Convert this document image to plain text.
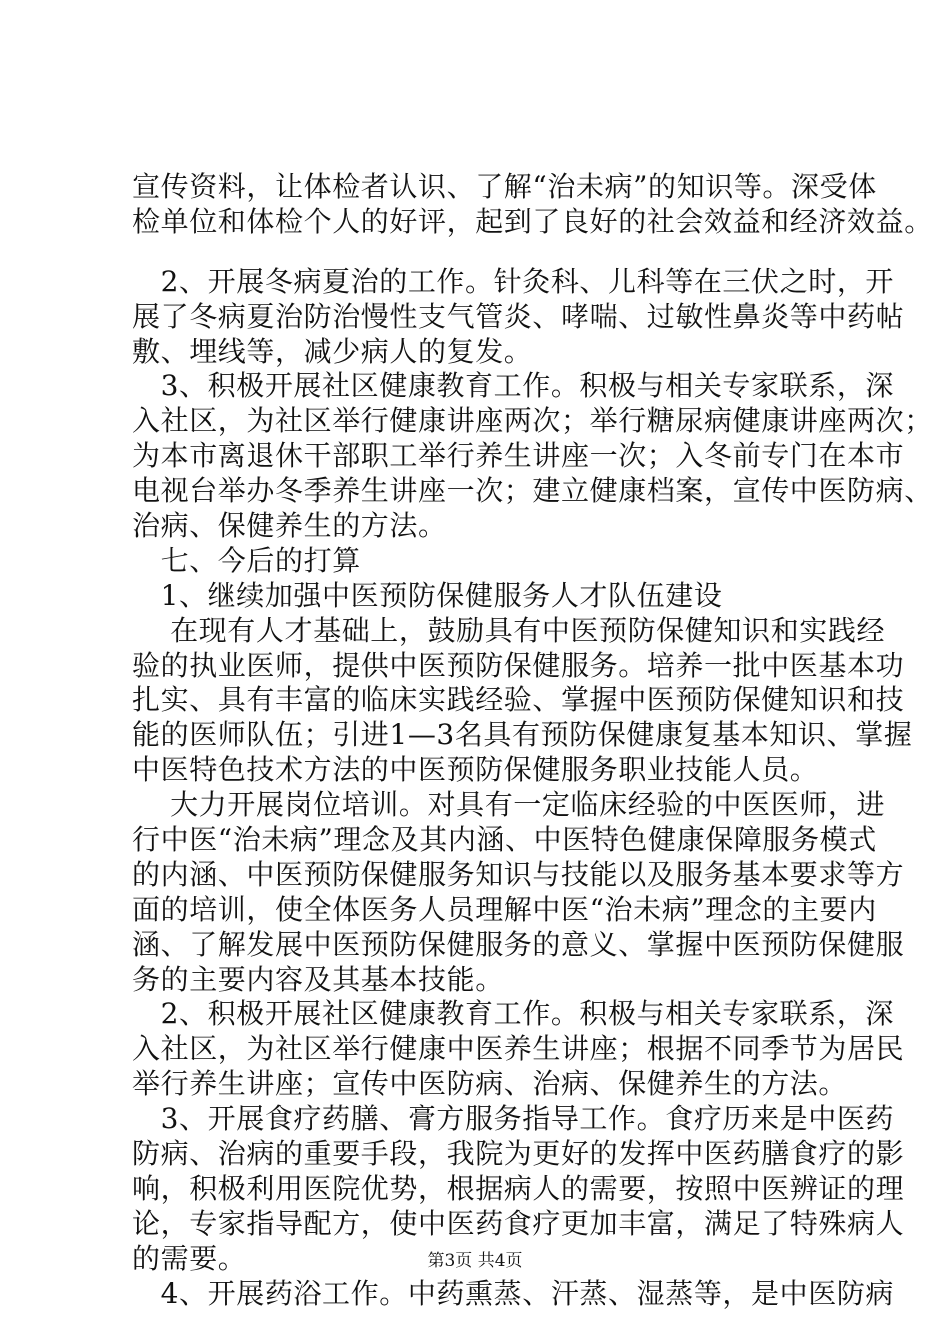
宣传资料，让体检者认识、了解“治未病”的知识等。深受体
检单位和体检个人的好评，起到了良好的社会效益和经济效益。
　2、开展冬病夏治的工作。针灸科、儿科等在三伏之时，开
展了冬病夏治防治慢性支气管炎、哮喘、过敏性鼻炎等中药帖
敷、埋线等，减少病人的复发。
　3、积极开展社区健康教育工作。积极与相关专家联系，深
入社区，为社区举行健康讲座两次；举行糖尿病健康讲座两次；
为本市离退休干部职工举行养生讲座一次；入冬前专门在本市
电视台举办冬季养生讲座一次；建立健康档案，宣传中医防病、
治病、保健养生的方法。
　七、今后的打算
　1、继续加强中医预防保健服务人才队伍建设
　 在现有人才基础上，鼓励具有中医预防保健知识和实践经
验的执业医师，提供中医预防保健服务。培养一批中医基本功
扎实、具有丰富的临床实践经验、掌握中医预防保健知识和技
能的医师队伍；引进1—3名具有预防保健康复基本知识、掌握
中医特色技术方法的中医预防保健服务职业技能人员。
　 大力开展岗位培训。对具有一定临床经验的中医医师，进
行中医“治未病”理念及其内涵、中医特色健康保障服务模式
的内涵、中医预防保健服务知识与技能以及服务基本要求等方
面的培训，使全体医务人员理解中医“治未病”理念的主要内
涵、了解发展中医预防保健服务的意义、掌握中医预防保健服
务的主要内容及其基本技能。
　2、积极开展社区健康教育工作。积极与相关专家联系，深
入社区，为社区举行健康中医养生讲座；根据不同季节为居民
举行养生讲座；宣传中医防病、治病、保健养生的方法。
　3、开展食疗药膳、膏方服务指导工作。食疗历来是中医药
防病、治病的重要手段，我院为更好的发挥中医药膳食疗的影
响，积极利用医院优势，根据病人的需要，按照中医辨证的理
论，专家指导配方，使中医药食疗更加丰富，满足了特殊病人
的需要。
　4、开展药浴工作。中药熏蒸、汗蒸、湿蒸等，是中医防病
第3页 共4页
